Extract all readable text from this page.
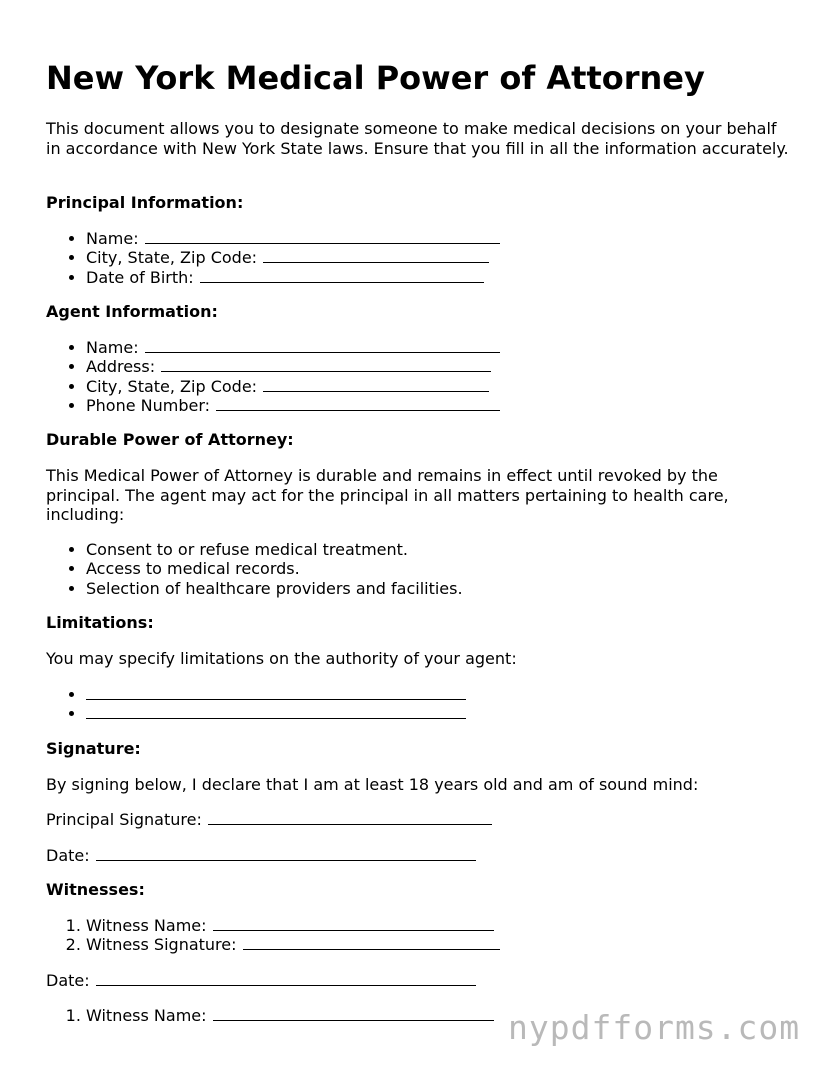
New York Medical Power of Attorney

This document allows you to designate someone to make medical decisions on your behalf in accordance with New York State laws. Ensure that you fill in all the information accurately.

Principal Information:

• Name:
• City, State, Zip Code:
• Date of Birth:

Agent Information:

• Name:
• Address:
• City, State, Zip Code:
• Phone Number:

Durable Power of Attorney:

This Medical Power of Attorney is durable and remains in effect until revoked by the principal. The agent may act for the principal in all matters pertaining to health care, including:

• Consent to or refuse medical treatment.
• Access to medical records.
• Selection of healthcare providers and facilities.

Limitations:

You may specify limitations on the authority of your agent:

•
•

Signature:

By signing below, I declare that I am at least 18 years old and am of sound mind:

Principal Signature:

Date:

Witnesses:

1. Witness Name:
2. Witness Signature:

Date:

1. Witness Name:	nypdfforms.com
